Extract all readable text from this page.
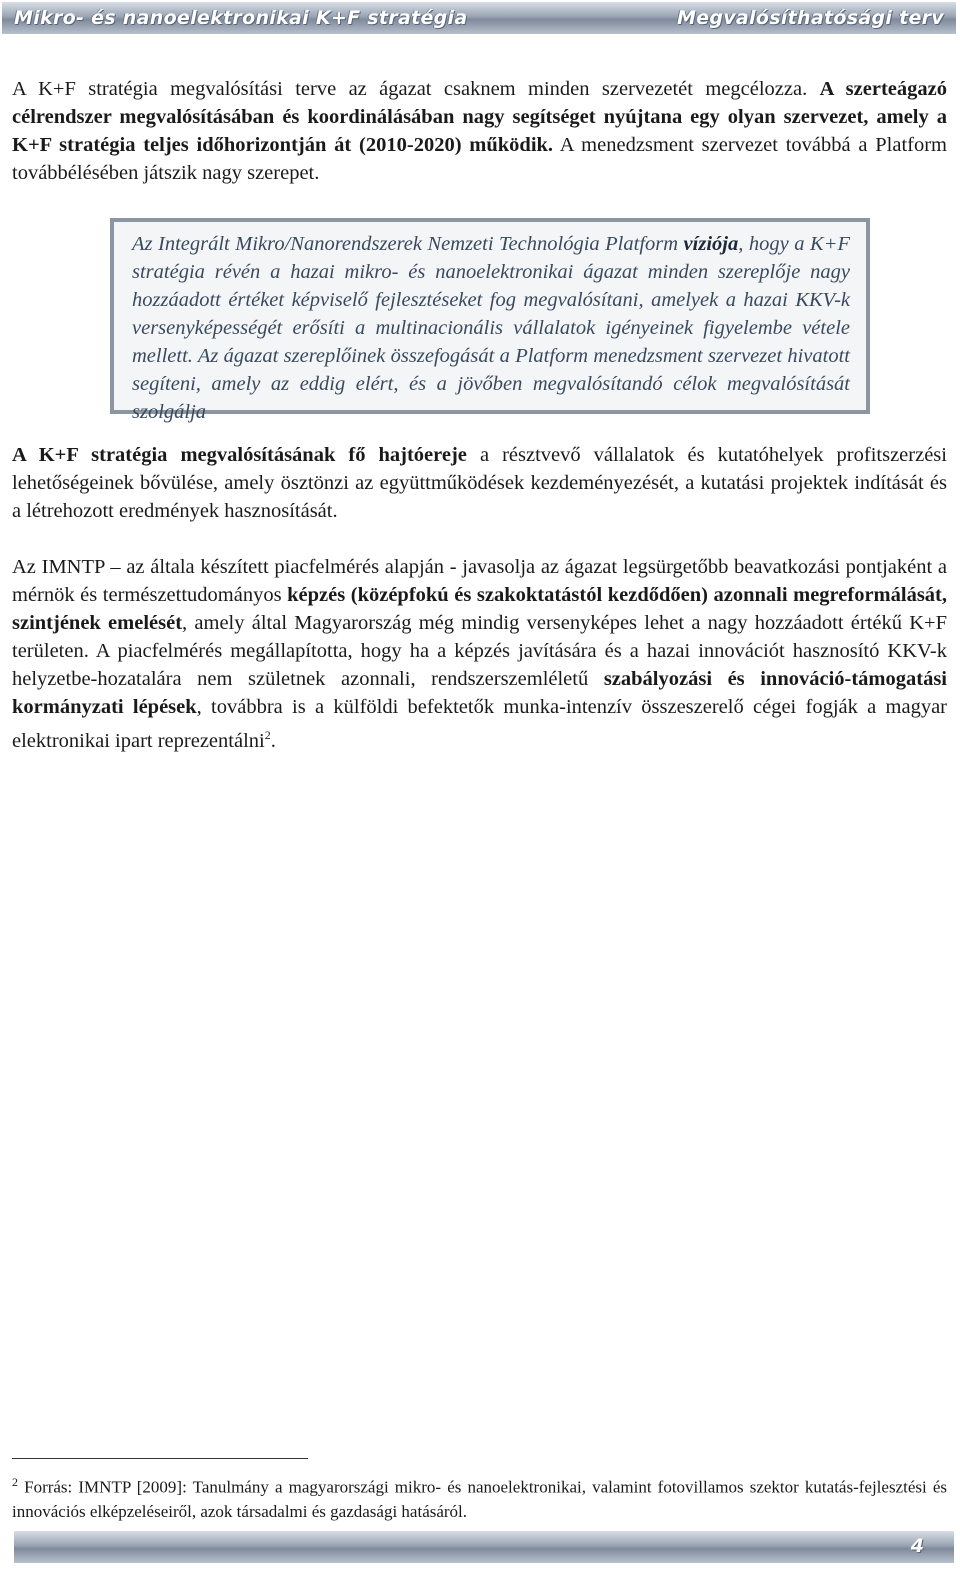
Mikro- és nanoelektronikai K+F stratégia	Megvalósíthatósági terv
A K+F stratégia megvalósítási terve az ágazat csaknem minden szervezetét megcélozza. A szerteágazó célrendszer megvalósításában és koordinálásában nagy segítséget nyújtana egy olyan szervezet, amely a K+F stratégia teljes időhorizontján át (2010-2020) működik. A menedzsment szervezet továbbá a Platform továbbélésében játszik nagy szerepet.
Az Integrált Mikro/Nanorendszerek Nemzeti Technológia Platform víziója, hogy a K+F stratégia révén a hazai mikro- és nanoelektronikai ágazat minden szereplője nagy hozzáadott értéket képviselő fejlesztéseket fog megvalósítani, amelyek a hazai KKV-k versenyképességét erősíti a multinacionális vállalatok igényeinek figyelembe vétele mellett. Az ágazat szereplőinek összefogását a Platform menedzsment szervezet hivatott segíteni, amely az eddig elért, és a jövőben megvalósítandó célok megvalósítását szolgálja
A K+F stratégia megvalósításának fő hajtóereje a résztvevő vállalatok és kutatóhelyek profitszerzési lehetőségeinek bővülése, amely ösztönzi az együttműködések kezdeményezését, a kutatási projektek indítását és a létrehozott eredmények hasznosítását.
Az IMNTP – az általa készített piacfelmérés alapján - javasolja az ágazat legsürgetőbb beavatkozási pontjaként a mérnök és természettudományos képzés (középfokú és szakoktatástól kezdődően) azonnali megreformálását, szintjének emelését, amely által Magyarország még mindig versenyképes lehet a nagy hozzáadott értékű K+F területen. A piacfelmérés megállapította, hogy ha a képzés javítására és a hazai innovációt hasznosító KKV-k helyzetbe-hozatalára nem születnek azonnali, rendszerszemléletű szabályozási és innováció-támogatási kormányzati lépések, továbbra is a külföldi befektetők munka-intenzív összeszerelő cégei fogják a magyar elektronikai ipart reprezentálni$^2$.
$^2$ Forrás: IMNTP [2009]: Tanulmány a magyarországi mikro- és nanoelektronikai, valamint fotovillamos szektor kutatás-fejlesztési és innovációs elképzeléseiről, azok társadalmi és gazdasági hatásáról.
4
